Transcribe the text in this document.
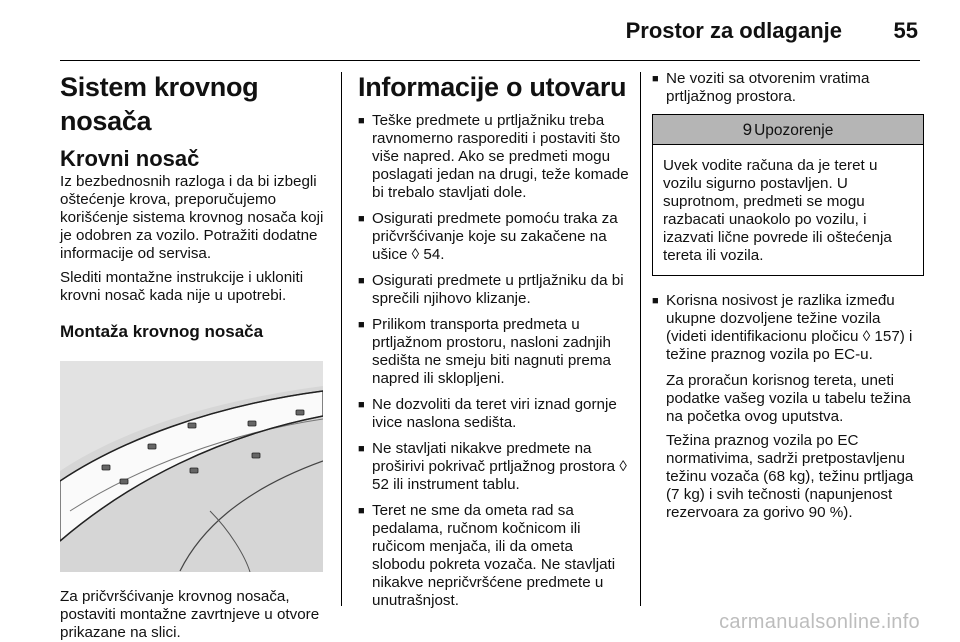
Prostor za odlaganje 55
Sistem krovnog nosača
Krovni nosač

Iz bezbednosnih razloga i da bi izbegli oštećenje krova, preporučujemo korišćenje sistema krovnog nosača koji je odobren za vozilo. Potražiti dodatne informacije od servisa.

Slediti montažne instrukcije i ukloniti krovni nosač kada nije u upotrebi.

Montaža krovnog nosača

Za pričvršćivanje krovnog nosača, postaviti montažne zavrtnjeve u otvore prikazane na slici.

Informacije o utovaru
■ Teške predmete u prtljažniku treba ravnomerno rasporediti i postaviti što više napred. Ako se predmeti mogu poslagati jedan na drugi, teže komade bi trebalo stavljati dole.
■ Osigurati predmete pomoću traka za pričvršćivanje koje su zakačene na ušice ◊ 54.
■ Osigurati predmete u prtljažniku da bi sprečili njihovo klizanje.
■ Prilikom transporta predmeta u prtljažnom prostoru, nasloni zadnjih sedišta ne smeju biti nagnuti prema napred ili sklopljeni.
■ Ne dozvoliti da teret viri iznad gornje ivice naslona sedišta.
■ Ne stavljati nikakve predmete na proširivi pokrivač prtljažnog prostora ◊ 52 ili instrument tablu.
■ Teret ne sme da ometa rad sa pedalama, ručnom kočnicom ili ručicom menjača, ili da ometa slobodu pokreta vozača. Ne stavljati nikakve nepričvršćene predmete u unutrašnjost.
■ Ne voziti sa otvorenim vratima prtljažnog prostora.
9 Upozorenje
Uvek vodite računa da je teret u vozilu sigurno postavljen. U suprotnom, predmeti se mogu razbacati unaokolo po vozilu, i izazvati lične povrede ili oštećenja tereta ili vozila.
■ Korisna nosivost je razlika između ukupne dozvoljene težine vozila (videti identifikacionu pločicu ◊ 157) i težine praznog vozila po EC-u.

Za proračun korisnog tereta, uneti podatke vašeg vozila u tabelu težina na početka ovog uputstva.

Težina praznog vozila po EC normativima, sadrži pretpostavljenu težinu vozača (68 kg), težinu prtljaga (7 kg) i svih tečnosti (napunjenost rezervoara za gorivo 90 %).

carmanualsonline.info
